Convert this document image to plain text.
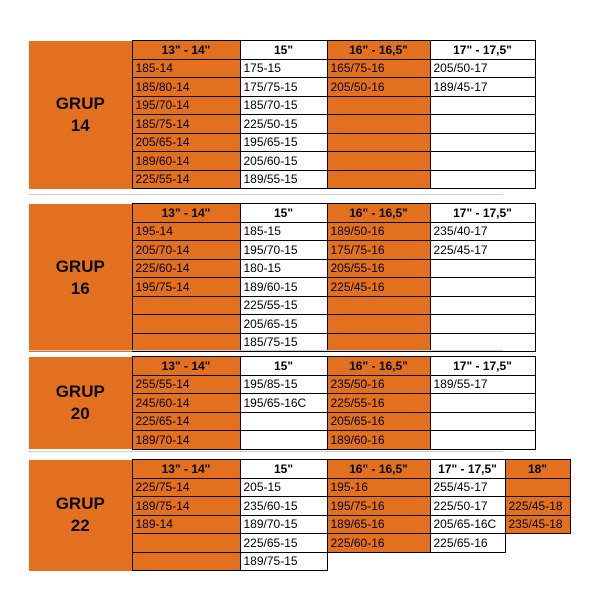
GRUP
14	13" - 14"	15"	16" - 16,5"	17" - 17,5"
	185-14	175-15	165/75-16	205/50-17
	185/80-14	175/75-15	205/50-16	189/45-17
	195/70-14	185/70-15		
	185/75-14	225/50-15		
	205/65-14	195/65-15		
	189/60-14	205/60-15		
	225/55-14	189/55-15		
GRUP
16	13" - 14"	15"	16" - 16,5"	17" - 17,5"
	195-14	185-15	189/50-16	235/40-17
	205/70-14	195/70-15	175/75-16	225/45-17
	225/60-14	180-15	205/55-16	
	195/75-14	189/60-15	225/45-16	
		225/55-15		
		205/65-15		
		185/75-15		
GRUP
20	13" - 14"	15"	16" - 16,5"	17" - 17,5"
	255/55-14	195/85-15	235/50-16	189/55-17
	245/60-14	195/65-16C	225/55-16	
	225/65-14		205/65-16	
	189/70-14		189/60-16	
GRUP
22	13" - 14"	15"	16" - 16,5"	17" - 17,5"	18"
	225/75-14	205-15	195-16	255/45-17	
	189/75-14	235/60-15	195/75-16	225/50-17	225/45-18
	189-14	189/70-15	189/65-16	205/65-16C	235/45-18
		225/65-15	225/60-16	225/65-16	
		189/75-15			
